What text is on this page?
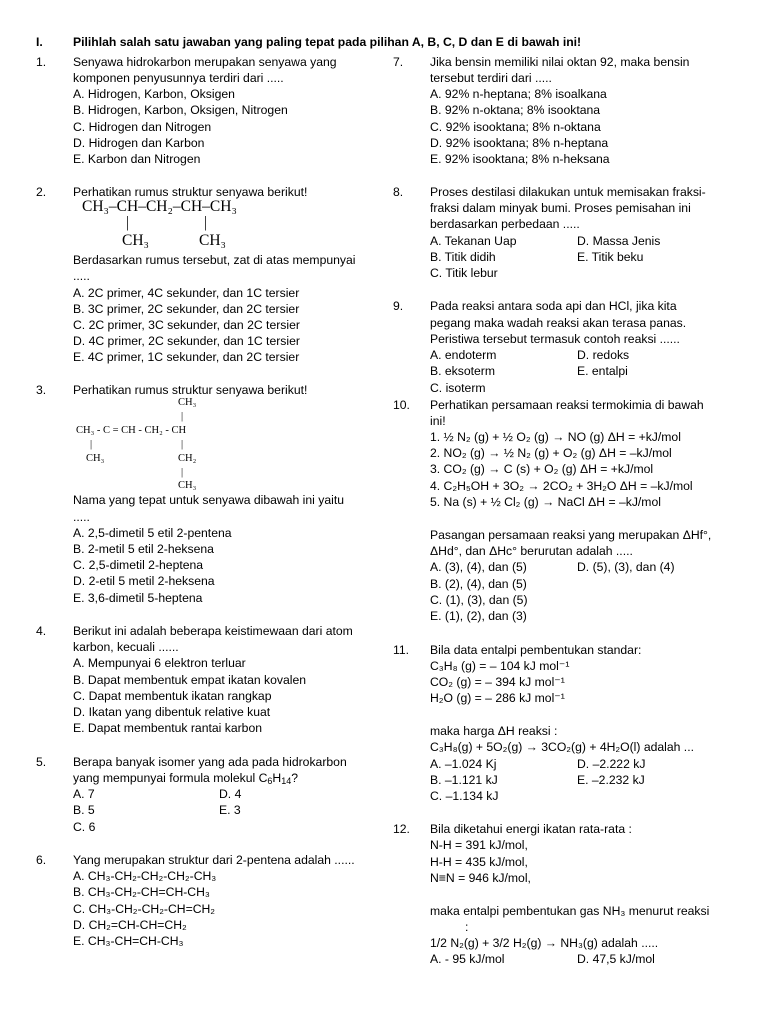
I. Pilihlah salah satu jawaban yang paling tepat pada pilihan A, B, C, D dan E di bawah ini!
1. Senyawa hidrokarbon merupakan senyawa yang
komponen penyusunnya terdiri dari .....
A. Hidrogen, Karbon, Oksigen
B. Hidrogen, Karbon, Oksigen, Nitrogen
C. Hidrogen dan Nitrogen
D. Hidrogen dan Karbon
E. Karbon dan Nitrogen
2. Perhatikan rumus struktur senyawa berikut!
CH₃–CH–CH₂–CH–CH₃
|	|
CH₃	CH₃
Berdasarkan rumus tersebut, zat di atas mempunyai
.....
A. 2C primer, 4C sekunder, dan 1C tersier
B. 3C primer, 2C sekunder, dan 2C tersier
C. 2C primer, 3C sekunder, dan 2C tersier
D. 4C primer, 2C sekunder, dan 1C tersier
E. 4C primer, 1C sekunder, dan 2C tersier
3. Perhatikan rumus struktur senyawa berikut!
CH₃
|
CH₃ - C = CH - CH₂ - CH
|	|
CH₃	CH₂
|
CH₃
Nama yang tepat untuk senyawa dibawah ini yaitu
.....
A. 2,5-dimetil 5 etil 2-pentena
B. 2-metil 5 etil 2-heksena
C. 2,5-dimetil 2-heptena
D. 2-etil 5 metil 2-heksena
E. 3,6-dimetil 5-heptena
4. Berikut ini adalah beberapa keistimewaan dari atom
karbon, kecuali ......
A. Mempunyai 6 elektron terluar
B. Dapat membentuk empat ikatan kovalen
C. Dapat membentuk ikatan rangkap
D. Ikatan yang dibentuk relative kuat
E. Dapat membentuk rantai karbon
5. Berapa banyak isomer yang ada pada hidrokarbon
yang mempunyai formula molekul $C_6H_{14}$?
A. 7	D. 4
B. 5	E. 3
C. 6
6. Yang merupakan struktur dari 2-pentena adalah ......
A. CH₃-CH₂-CH₂-CH₂-CH₃
B. CH₃-CH₂-CH=CH-CH₃
C. CH₃-CH₂-CH₂-CH=CH₂
D. CH₂=CH-CH=CH₂
E. CH₃-CH=CH-CH₃
7. Jika bensin memiliki nilai oktan 92, maka bensin
tersebut terdiri dari .....
A. 92% n-heptana; 8% isoalkana
B. 92% n-oktana; 8% isooktana
C. 92% isooktana; 8% n-oktana
D. 92% isooktana; 8% n-heptana
E. 92% isooktana; 8% n-heksana
8. Proses destilasi dilakukan untuk memisakan fraksi-
fraksi dalam minyak bumi. Proses pemisahan ini
berdasarkan perbedaan .....
A. Tekanan Uap	D. Massa Jenis
B. Titik didih	E. Titik beku
C. Titik lebur
9. Pada reaksi antara soda api dan HCl, jika kita
pegang maka wadah reaksi akan terasa panas.
Peristiwa tersebut termasuk contoh reaksi ......
A. endoterm	D. redoks
B. eksoterm	E. entalpi
C. isoterm
10. Perhatikan persamaan reaksi termokimia di bawah
ini!
1. ½ N₂ (g) + ½ O₂ (g) → NO (g) ΔH = +kJ/mol
2. NO₂ (g) → ½ N₂ (g) + O₂ (g) ΔH = –kJ/mol
3. CO₂ (g) → C (s) + O₂ (g) ΔH = +kJ/mol
4. C₂H₅OH + 3O₂ → 2CO₂ + 3H₂O ΔH = –kJ/mol
5. Na (s) + ½ Cl₂ (g) → NaCl ΔH = –kJ/mol
Pasangan persamaan reaksi yang merupakan ΔHf°,
ΔHd°, dan ΔHc° berurutan adalah .....
A. (3), (4), dan (5)	D. (5), (3), dan (4)
B. (2), (4), dan (5)
C. (1), (3), dan (5)
E. (1), (2), dan (3)
11. Bila data entalpi pembentukan standar:
C₃H₈ (g) = – 104 kJ mol⁻¹
CO₂ (g) = – 394 kJ mol⁻¹
H₂O (g) = – 286 kJ mol⁻¹
maka harga ΔH reaksi :
C₃H₈(g) + 5O₂(g) → 3CO₂(g) + 4H₂O(l) adalah ...
A. –1.024 Kj	D. –2.222 kJ
B. –1.121 kJ	E. –2.232 kJ
C. –1.134 kJ
12. Bila diketahui energi ikatan rata-rata :
N-H = 391 kJ/mol,
H-H = 435 kJ/mol,
N≡N = 946 kJ/mol,
maka entalpi pembentukan gas NH₃ menurut reaksi
:
1/2 N₂(g) + 3/2 H₂(g) → NH₃(g) adalah .....
A. - 95 kJ/mol	D. 47,5 kJ/mol
